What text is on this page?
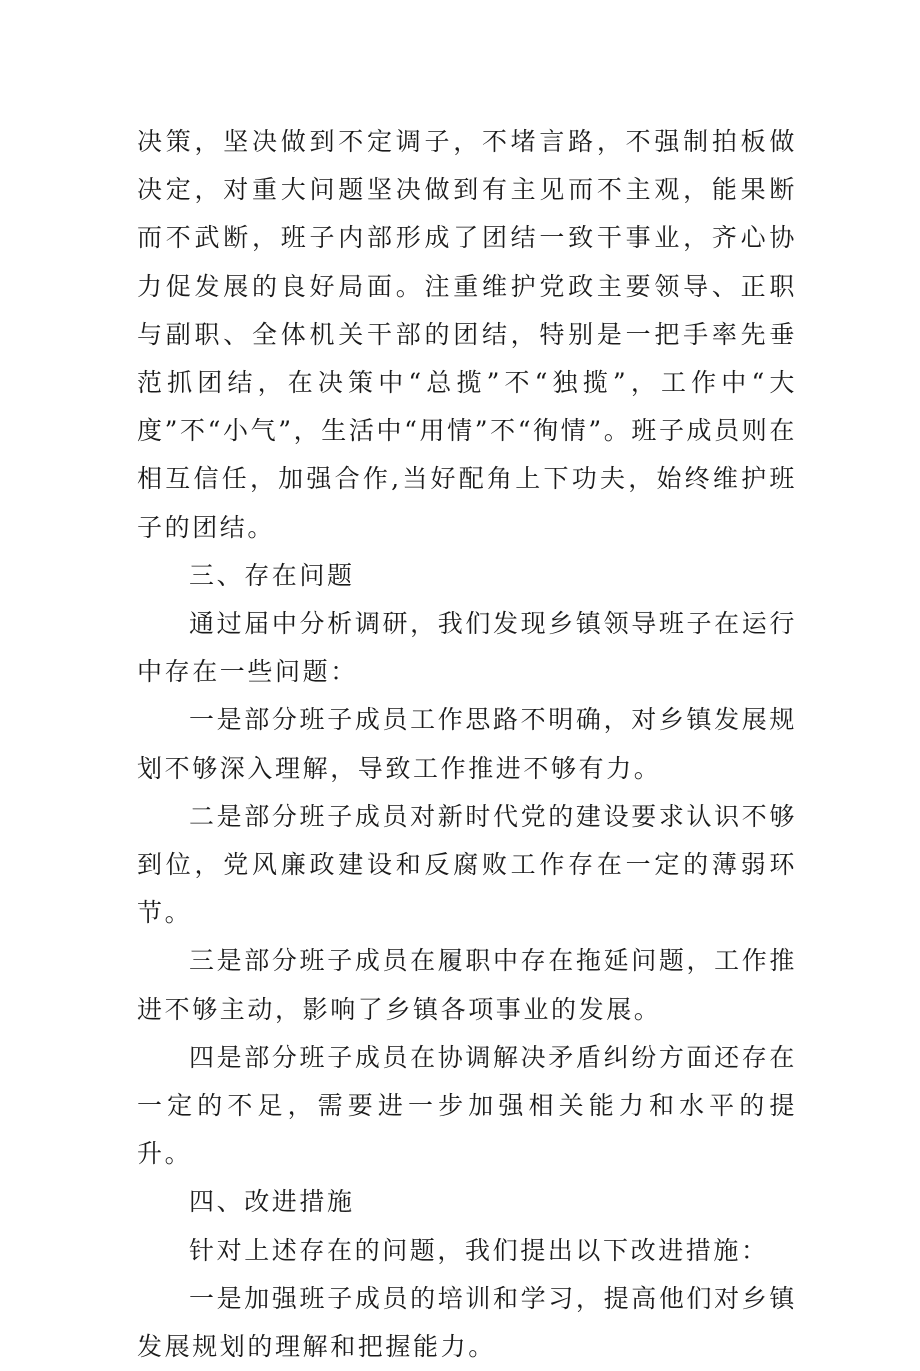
决策，坚决做到不定调子，不堵言路，不强制拍板做决定，对重大问题坚决做到有主见而不主观，能果断而不武断，班子内部形成了团结一致干事业，齐心协力促发展的良好局面。注重维护党政主要领导、正职与副职、全体机关干部的团结，特别是一把手率先垂范抓团结，在决策中“总揽”不“独揽”，工作中“大度”不“小气”，生活中“用情”不“徇情”。班子成员则在相互信任，加强合作,当好配角上下功夫，始终维护班子的团结。

三、存在问题

通过届中分析调研，我们发现乡镇领导班子在运行中存在一些问题：

一是部分班子成员工作思路不明确，对乡镇发展规划不够深入理解，导致工作推进不够有力。

二是部分班子成员对新时代党的建设要求认识不够到位，党风廉政建设和反腐败工作存在一定的薄弱环节。

三是部分班子成员在履职中存在拖延问题，工作推进不够主动，影响了乡镇各项事业的发展。

四是部分班子成员在协调解决矛盾纠纷方面还存在一定的不足，需要进一步加强相关能力和水平的提升。

四、改进措施

针对上述存在的问题，我们提出以下改进措施：

一是加强班子成员的培训和学习，提高他们对乡镇发展规划的理解和把握能力。
